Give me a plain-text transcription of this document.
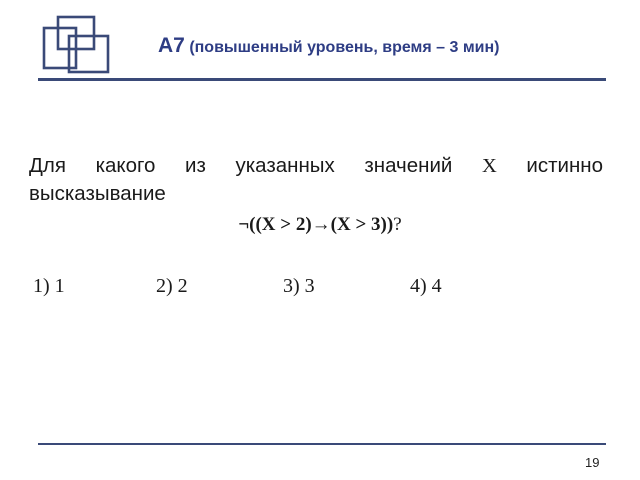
А7 (повышенный уровень, время – 3 мин)

Для какого из указанных значений X истинно

высказывание
¬((X > 2)→(X > 3))?
1) 1	2) 2	3) 3	4) 4
19
